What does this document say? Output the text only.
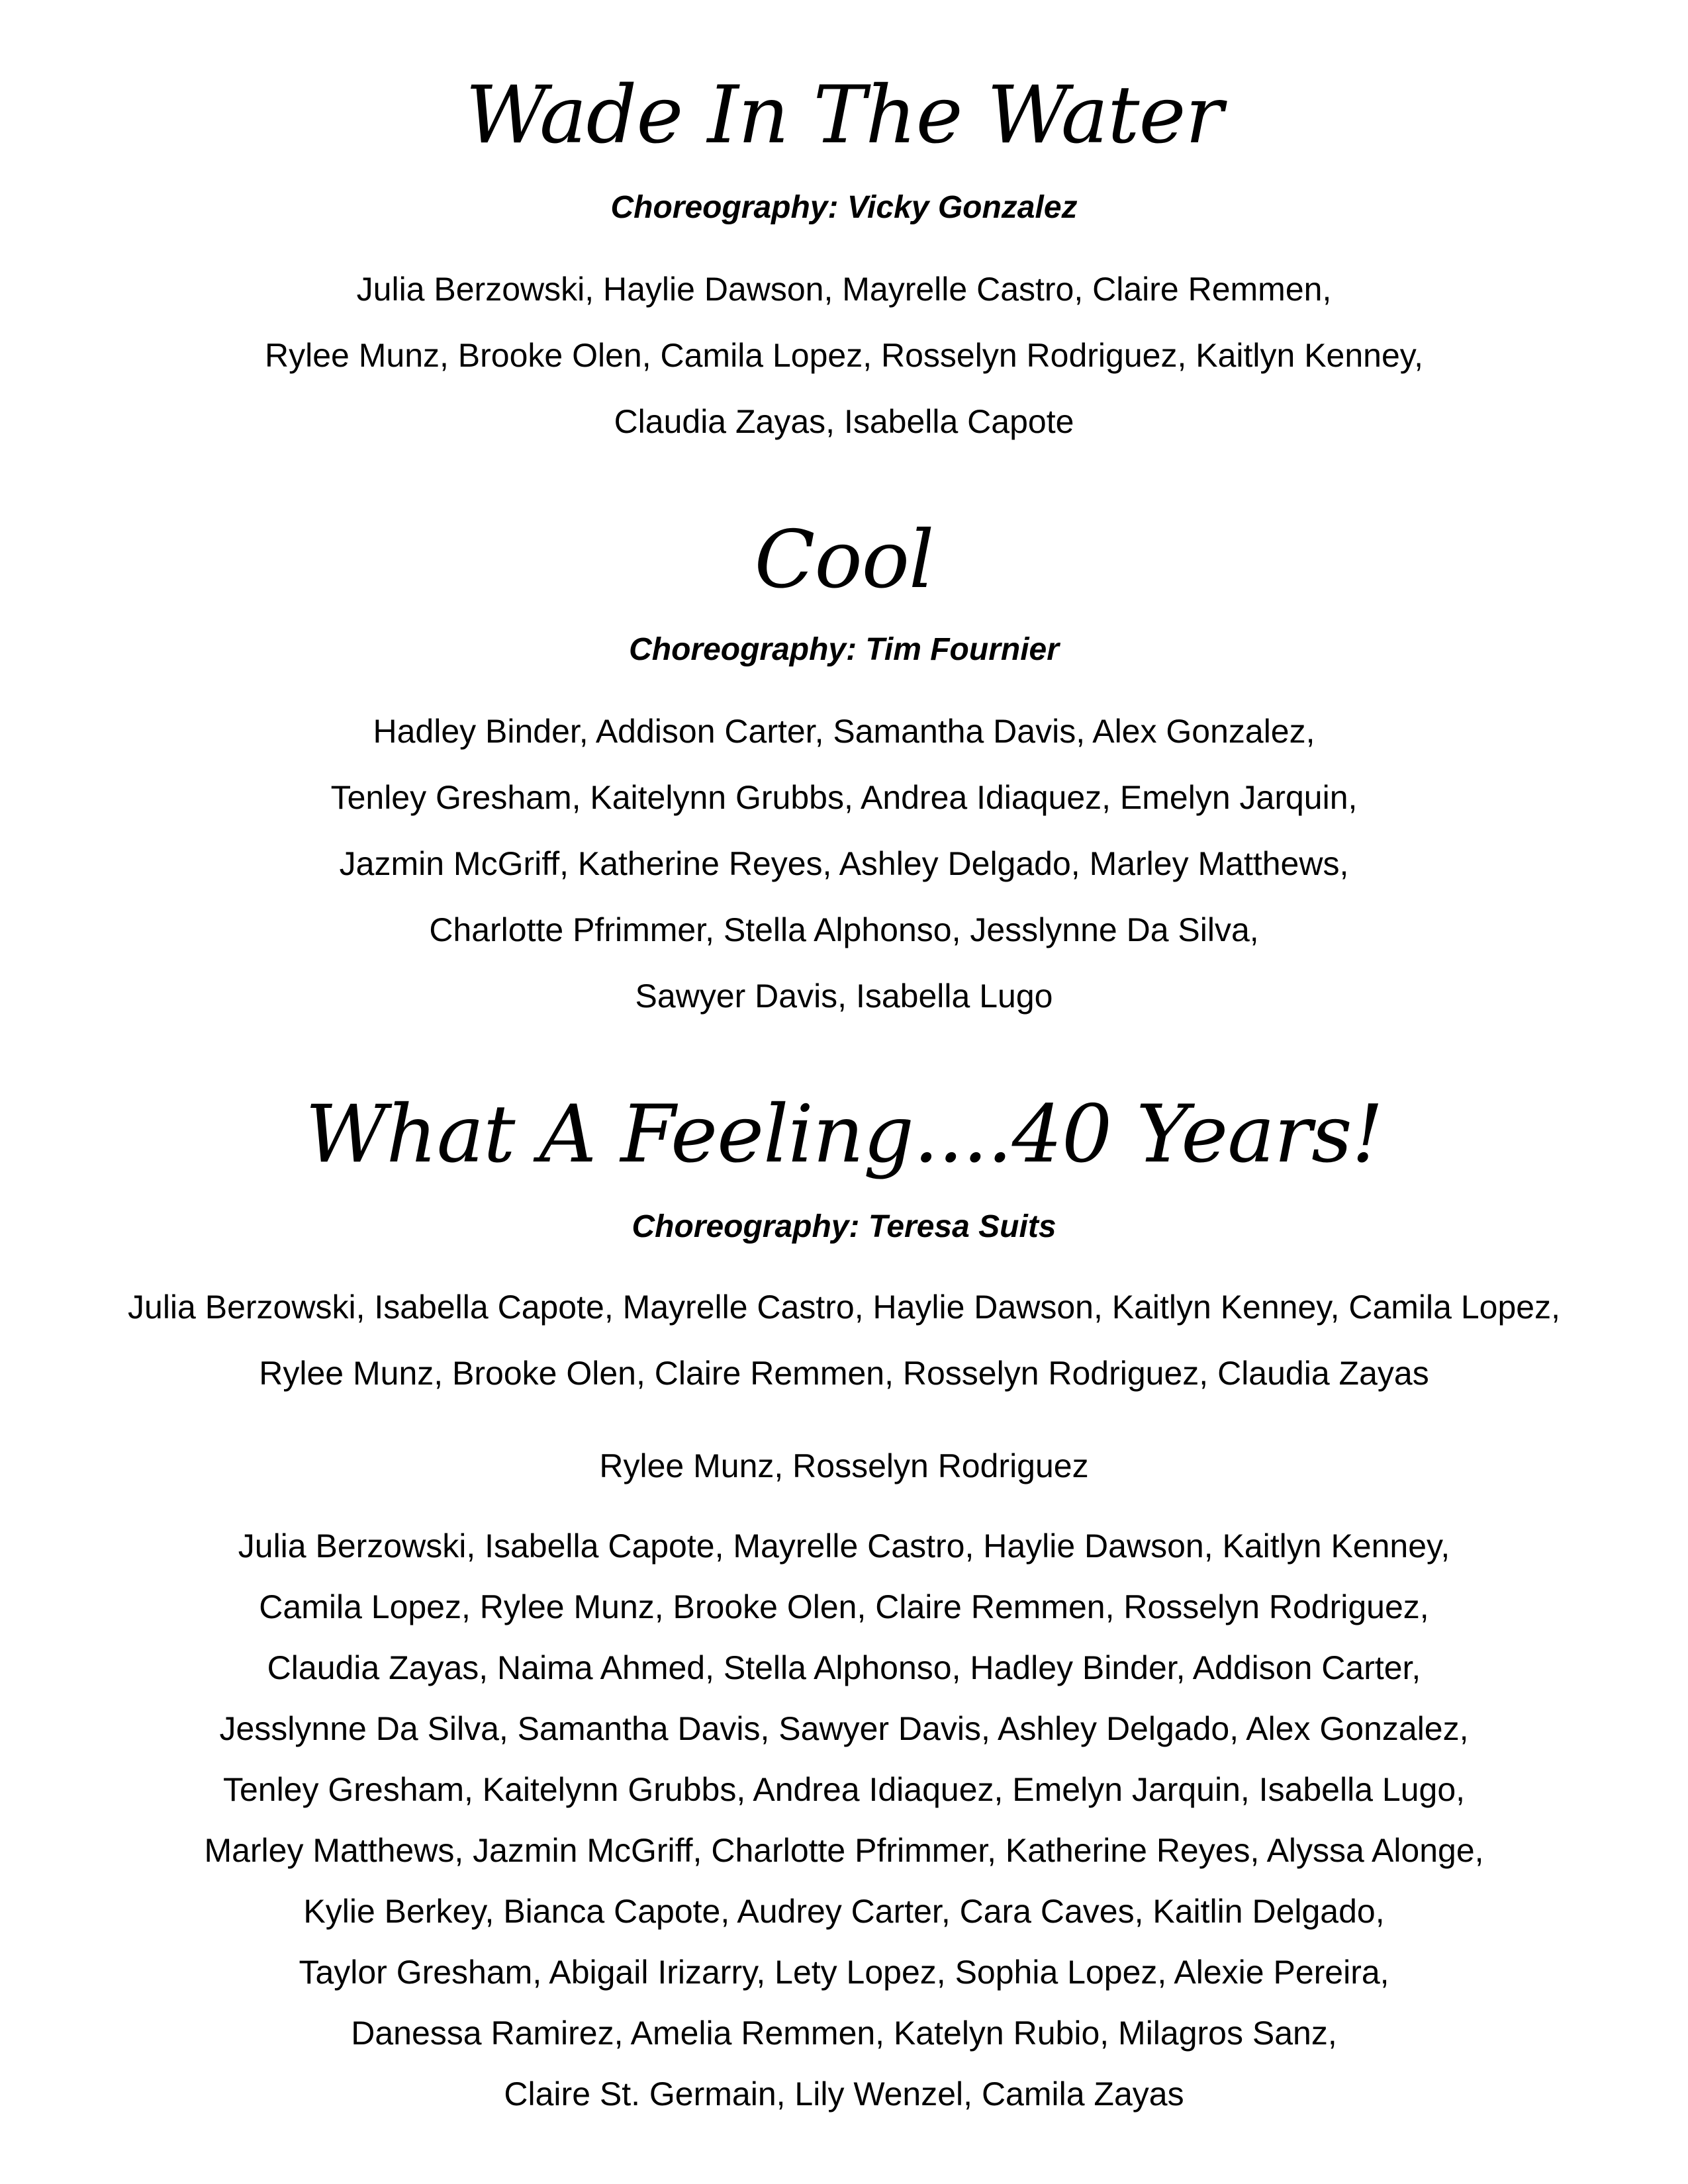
Wade In The Water
Choreography: Vicky Gonzalez
Julia Berzowski, Haylie Dawson, Mayrelle Castro, Claire Remmen,
Rylee Munz, Brooke Olen, Camila Lopez, Rosselyn Rodriguez, Kaitlyn Kenney,
Claudia Zayas, Isabella Capote
Cool
Choreography: Tim Fournier
Hadley Binder, Addison Carter, Samantha Davis, Alex Gonzalez,
Tenley Gresham, Kaitelynn Grubbs, Andrea Idiaquez, Emelyn Jarquin,
Jazmin McGriff, Katherine Reyes, Ashley Delgado, Marley Matthews,
Charlotte Pfrimmer, Stella Alphonso, Jesslynne Da Silva,
Sawyer Davis, Isabella Lugo
What A Feeling....40 Years!
Choreography: Teresa Suits
Julia Berzowski, Isabella Capote, Mayrelle Castro, Haylie Dawson, Kaitlyn Kenney, Camila Lopez,
Rylee Munz, Brooke Olen, Claire Remmen, Rosselyn Rodriguez, Claudia Zayas
Rylee Munz, Rosselyn Rodriguez
Julia Berzowski, Isabella Capote, Mayrelle Castro, Haylie Dawson, Kaitlyn Kenney,
Camila Lopez, Rylee Munz, Brooke Olen, Claire Remmen, Rosselyn Rodriguez,
Claudia Zayas, Naima Ahmed, Stella Alphonso, Hadley Binder, Addison Carter,
Jesslynne Da Silva, Samantha Davis, Sawyer Davis, Ashley Delgado, Alex Gonzalez,
Tenley Gresham, Kaitelynn Grubbs, Andrea Idiaquez, Emelyn Jarquin, Isabella Lugo,
Marley Matthews, Jazmin McGriff, Charlotte Pfrimmer, Katherine Reyes, Alyssa Alonge,
Kylie Berkey, Bianca Capote, Audrey Carter, Cara Caves, Kaitlin Delgado,
Taylor Gresham, Abigail Irizarry, Lety Lopez, Sophia Lopez, Alexie Pereira,
Danessa Ramirez, Amelia Remmen, Katelyn Rubio, Milagros Sanz,
Claire St. Germain, Lily Wenzel, Camila Zayas
